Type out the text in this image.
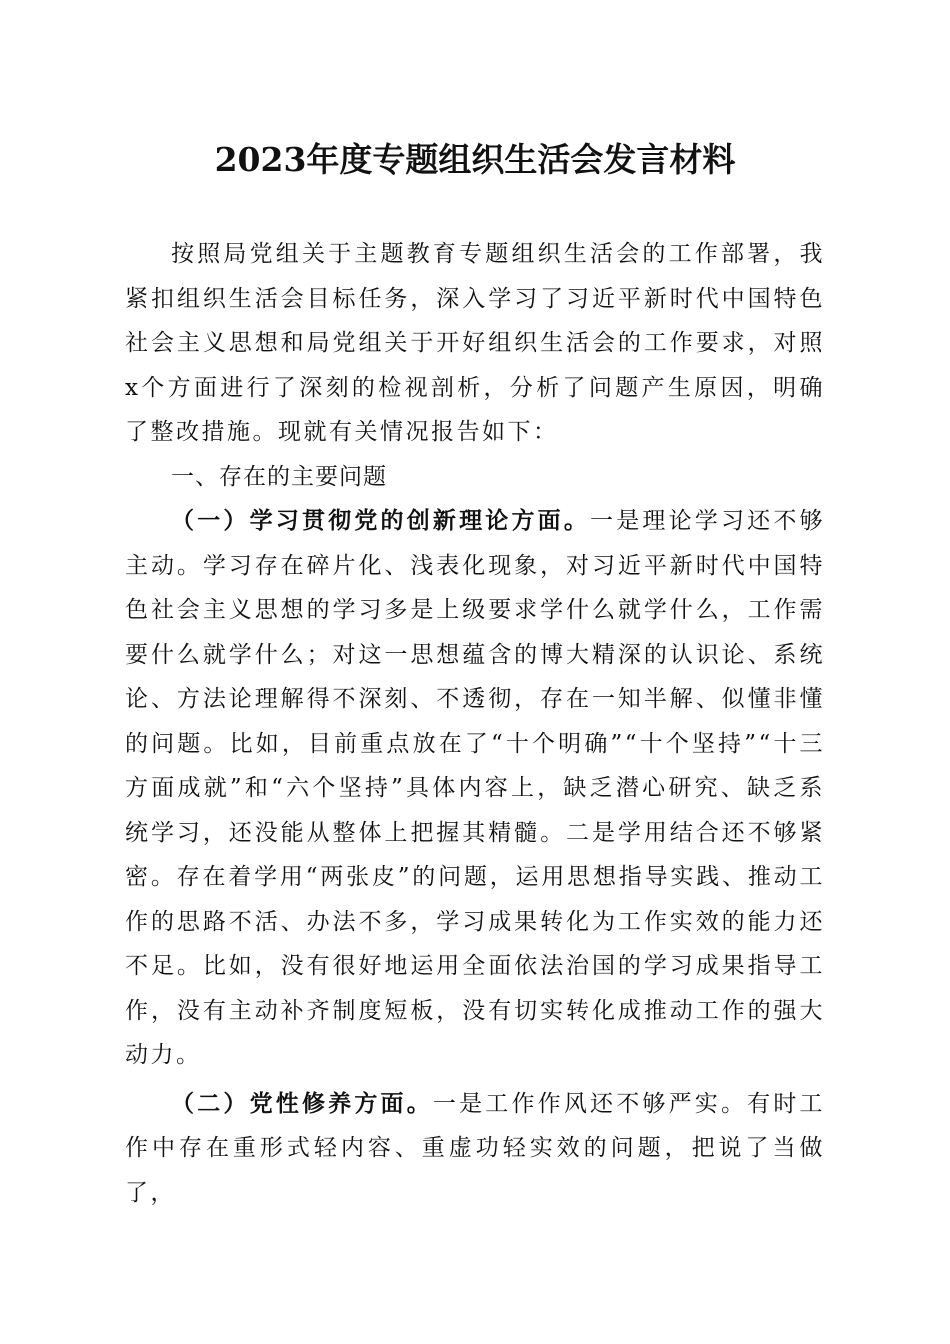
2023年度专题组织生活会发言材料

按照局党组关于主题教育专题组织生活会的工作部署，我紧扣组织生活会目标任务，深入学习了习近平新时代中国特色社会主义思想和局党组关于开好组织生活会的工作要求，对照x个方面进行了深刻的检视剖析，分析了问题产生原因，明确了整改措施。现就有关情况报告如下：

一、存在的主要问题

（一）学习贯彻党的创新理论方面。一是理论学习还不够主动。学习存在碎片化、浅表化现象，对习近平新时代中国特色社会主义思想的学习多是上级要求学什么就学什么，工作需要什么就学什么；对这一思想蕴含的博大精深的认识论、系统论、方法论理解得不深刻、不透彻，存在一知半解、似懂非懂的问题。比如，目前重点放在了“十个明确”“十个坚持”“十三方面成就”和“六个坚持”具体内容上，缺乏潜心研究、缺乏系统学习，还没能从整体上把握其精髓。二是学用结合还不够紧密。存在着学用“两张皮”的问题，运用思想指导实践、推动工作的思路不活、办法不多，学习成果转化为工作实效的能力还不足。比如，没有很好地运用全面依法治国的学习成果指导工作，没有主动补齐制度短板，没有切实转化成推动工作的强大动力。

（二）党性修养方面。一是工作作风还不够严实。有时工作中存在重形式轻内容、重虚功轻实效的问题，把说了当做了，
